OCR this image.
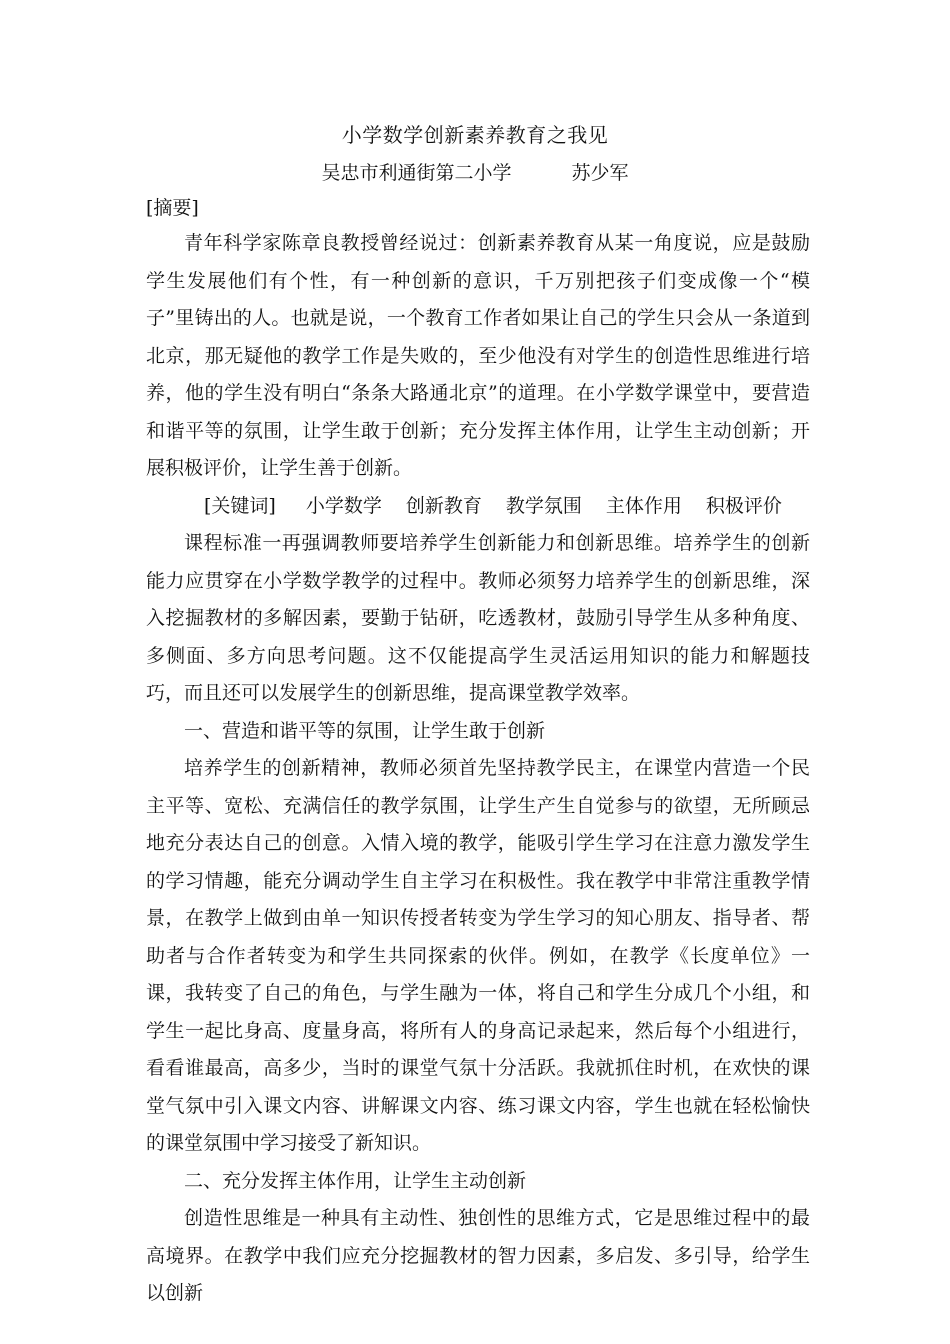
小学数学创新素养教育之我见
吴忠市利通街第二小学	苏少军

[摘要]

青年科学家陈章良教授曾经说过：创新素养教育从某一角度说，应是鼓励学生发展他们有个性，有一种创新的意识，千万别把孩子们变成像一个“模子”里铸出的人。也就是说，一个教育工作者如果让自己的学生只会从一条道到北京，那无疑他的教学工作是失败的，至少他没有对学生的创造性思维进行培养，他的学生没有明白“条条大路通北京”的道理。在小学数学课堂中，要营造和谐平等的氛围，让学生敢于创新；充分发挥主体作用，让学生主动创新；开展积极评价，让学生善于创新。

[关键词] 小学数学 创新教育 教学氛围 主体作用 积极评价

课程标准一再强调教师要培养学生创新能力和创新思维。培养学生的创新能力应贯穿在小学数学教学的过程中。教师必须努力培养学生的创新思维，深入挖掘教材的多解因素，要勤于钻研，吃透教材，鼓励引导学生从多种角度、多侧面、多方向思考问题。这不仅能提高学生灵活运用知识的能力和解题技巧，而且还可以发展学生的创新思维，提高课堂教学效率。

一、营造和谐平等的氛围，让学生敢于创新

培养学生的创新精神，教师必须首先坚持教学民主，在课堂内营造一个民主平等、宽松、充满信任的教学氛围，让学生产生自觉参与的欲望，无所顾忌地充分表达自己的创意。入情入境的教学，能吸引学生学习在注意力激发学生的学习情趣，能充分调动学生自主学习在积极性。我在教学中非常注重教学情景，在教学上做到由单一知识传授者转变为学生学习的知心朋友、指导者、帮助者与合作者转变为和学生共同探索的伙伴。例如，在教学《长度单位》一课，我转变了自己的角色，与学生融为一体，将自己和学生分成几个小组，和学生一起比身高、度量身高，将所有人的身高记录起来，然后每个小组进行，看看谁最高，高多少，当时的课堂气氛十分活跃。我就抓住时机，在欢快的课堂气氛中引入课文内容、讲解课文内容、练习课文内容，学生也就在轻松愉快的课堂氛围中学习接受了新知识。

二、充分发挥主体作用，让学生主动创新

创造性思维是一种具有主动性、独创性的思维方式，它是思维过程中的最高境界。在教学中我们应充分挖掘教材的智力因素，多启发、多引导，给学生以创新
